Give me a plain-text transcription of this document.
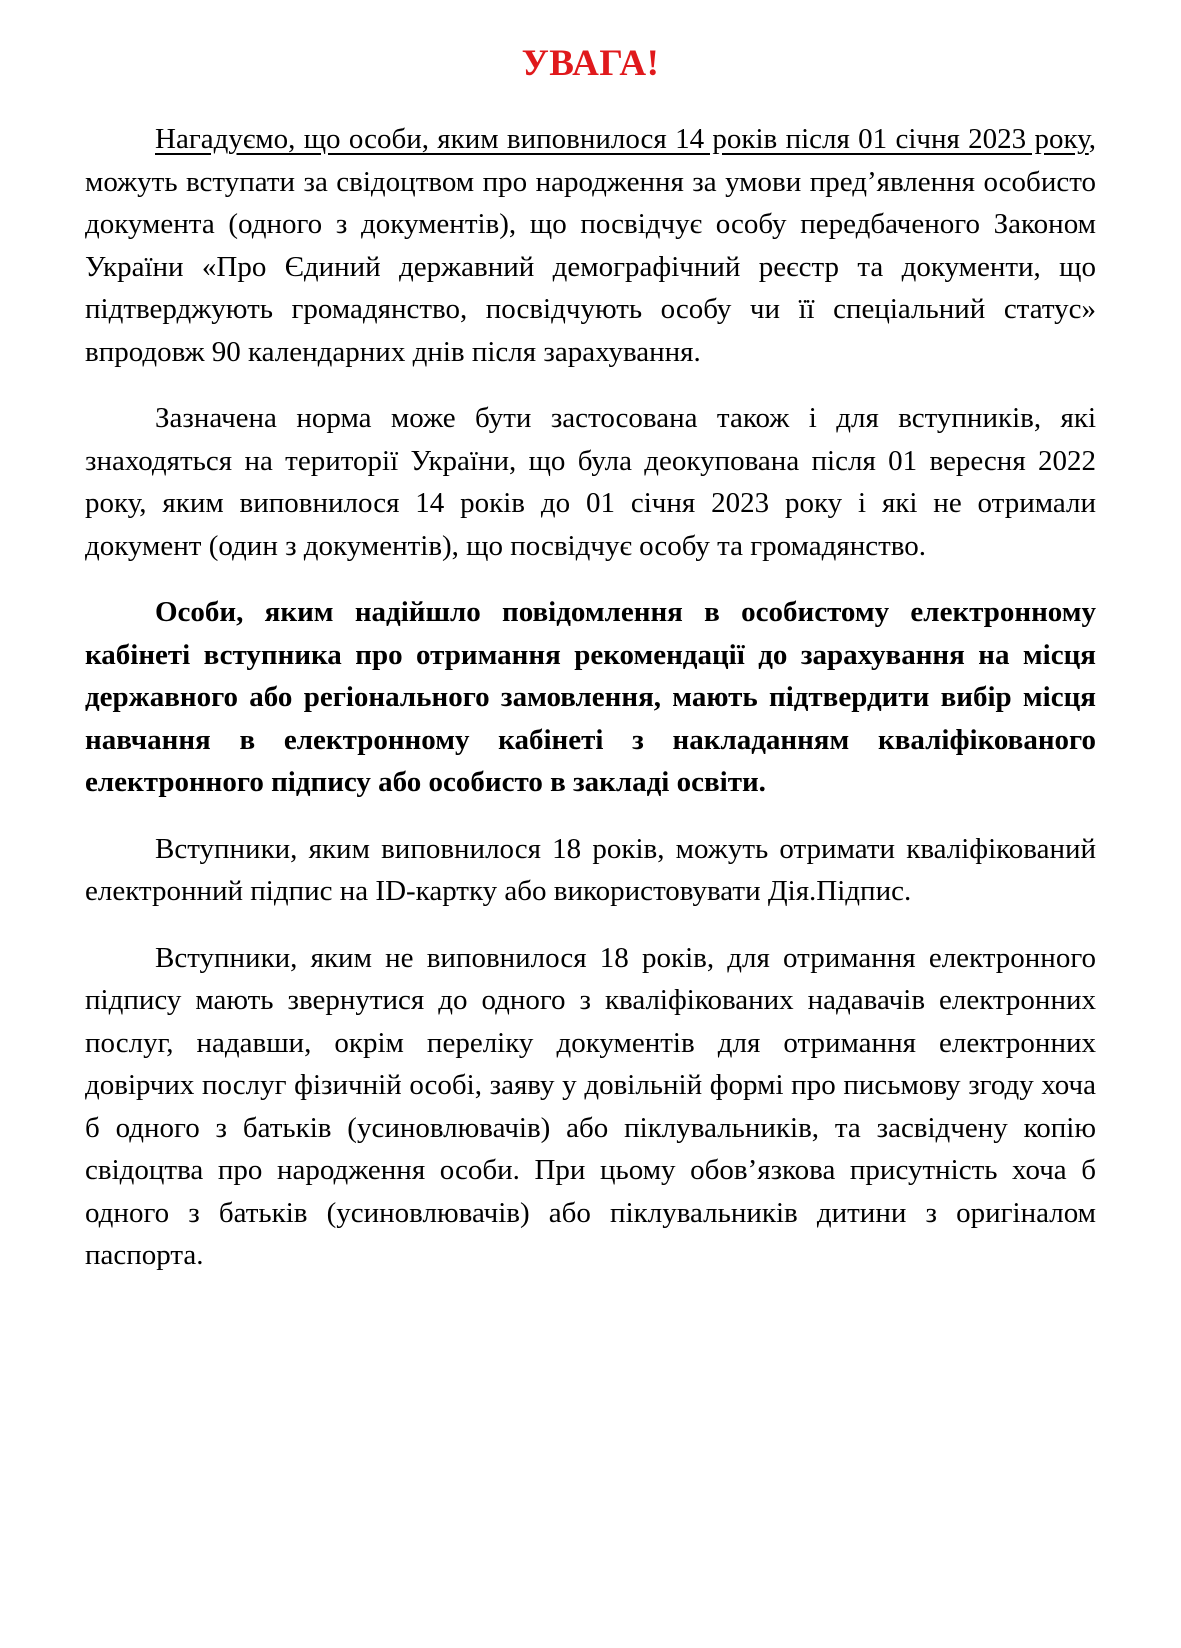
УВАГА!

Нагадуємо, що особи, яким виповнилося 14 років після 01 січня 2023 року, можуть вступати за свідоцтвом про народження за умови пред’явлення особисто документа (одного з документів), що посвідчує особу передбаченого Законом України «Про Єдиний державний демографічний реєстр та документи, що підтверджують громадянство, посвідчують особу чи її спеціальний статус» впродовж 90 календарних днів після зарахування.

Зазначена норма може бути застосована також і для вступників, які знаходяться на території України, що була деокупована після 01 вересня 2022 року, яким виповнилося 14 років до 01 січня 2023 року і які не отримали документ (один з документів), що посвідчує особу та громадянство.

Особи, яким надійшло повідомлення в особистому електронному кабінеті вступника про отримання рекомендації до зарахування на місця державного або регіонального замовлення, мають підтвердити вибір місця навчання в електронному кабінеті з накладанням кваліфікованого електронного підпису або особисто в закладі освіти.

Вступники, яким виповнилося 18 років, можуть отримати кваліфікований електронний підпис на ID-картку або використовувати Дія.Підпис.

Вступники, яким не виповнилося 18 років, для отримання електронного підпису мають звернутися до одного з кваліфікованих надавачів електронних послуг, надавши, окрім переліку документів для отримання електронних довірчих послуг фізичній особі, заяву у довільній формі про письмову згоду хоча б одного з батьків (усиновлювачів) або піклувальників, та засвідчену копію свідоцтва про народження особи. При цьому обов’язкова присутність хоча б одного з батьків (усиновлювачів) або піклувальників дитини з оригіналом паспорта.
